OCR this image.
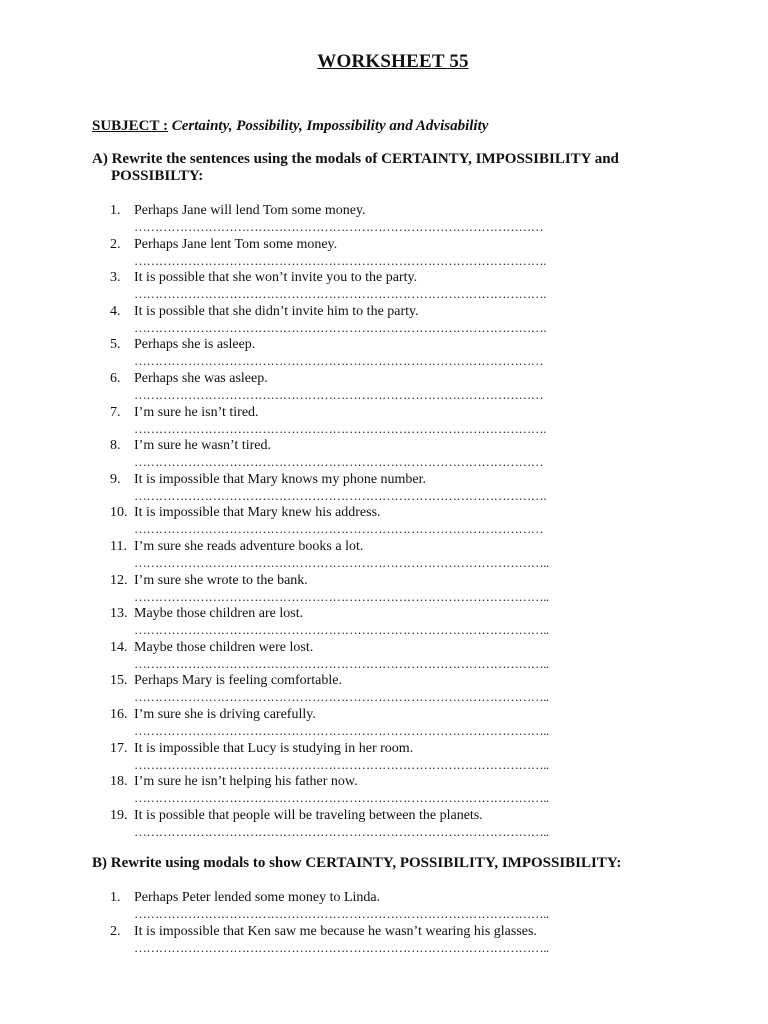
WORKSHEET 55
SUBJECT : Certainty, Possibility, Impossibility and Advisability
A) Rewrite the sentences using the modals of CERTAINTY, IMPOSSIBILITY and
POSSIBILTY:
1. Perhaps Jane will lend Tom some money.
………………………………………………………………………………………
2. Perhaps Jane lent Tom some money.
……………………………………………………………………………………….
3. It is possible that she won’t invite you to the party.
……………………………………………………………………………………….
4. It is possible that she didn’t invite him to the party.
……………………………………………………………………………………….
5. Perhaps she is asleep.
………………………………………………………………………………………
6. Perhaps she was asleep.
………………………………………………………………………………………
7. I’m sure he isn’t tired.
……………………………………………………………………………………….
8. I’m sure he wasn’t tired.
………………………………………………………………………………………
9. It is impossible that Mary knows my phone number.
……………………………………………………………………………………….
10. It is impossible that Mary knew his address.
………………………………………………………………………………………
11. I’m sure she reads adventure books a lot.
………………………………………………………………………………………..
12. I’m sure she wrote to the bank.
………………………………………………………………………………………..
13. Maybe those children are lost.
………………………………………………………………………………………..
14. Maybe those children were lost.
………………………………………………………………………………………..
15. Perhaps Mary is feeling comfortable.
………………………………………………………………………………………..
16. I’m sure she is driving carefully.
………………………………………………………………………………………..
17. It is impossible that Lucy is studying in her room.
………………………………………………………………………………………..
18. I’m sure he isn’t helping his father now.
………………………………………………………………………………………..
19. It is possible that people will be traveling between the planets.
………………………………………………………………………………………..
B) Rewrite using modals to show CERTAINTY, POSSIBILITY, IMPOSSIBILITY:
1. Perhaps Peter lended some money to Linda.
………………………………………………………………………………………..
2. It is impossible that Ken saw me because he wasn’t wearing his glasses.
………………………………………………………………………………………..
